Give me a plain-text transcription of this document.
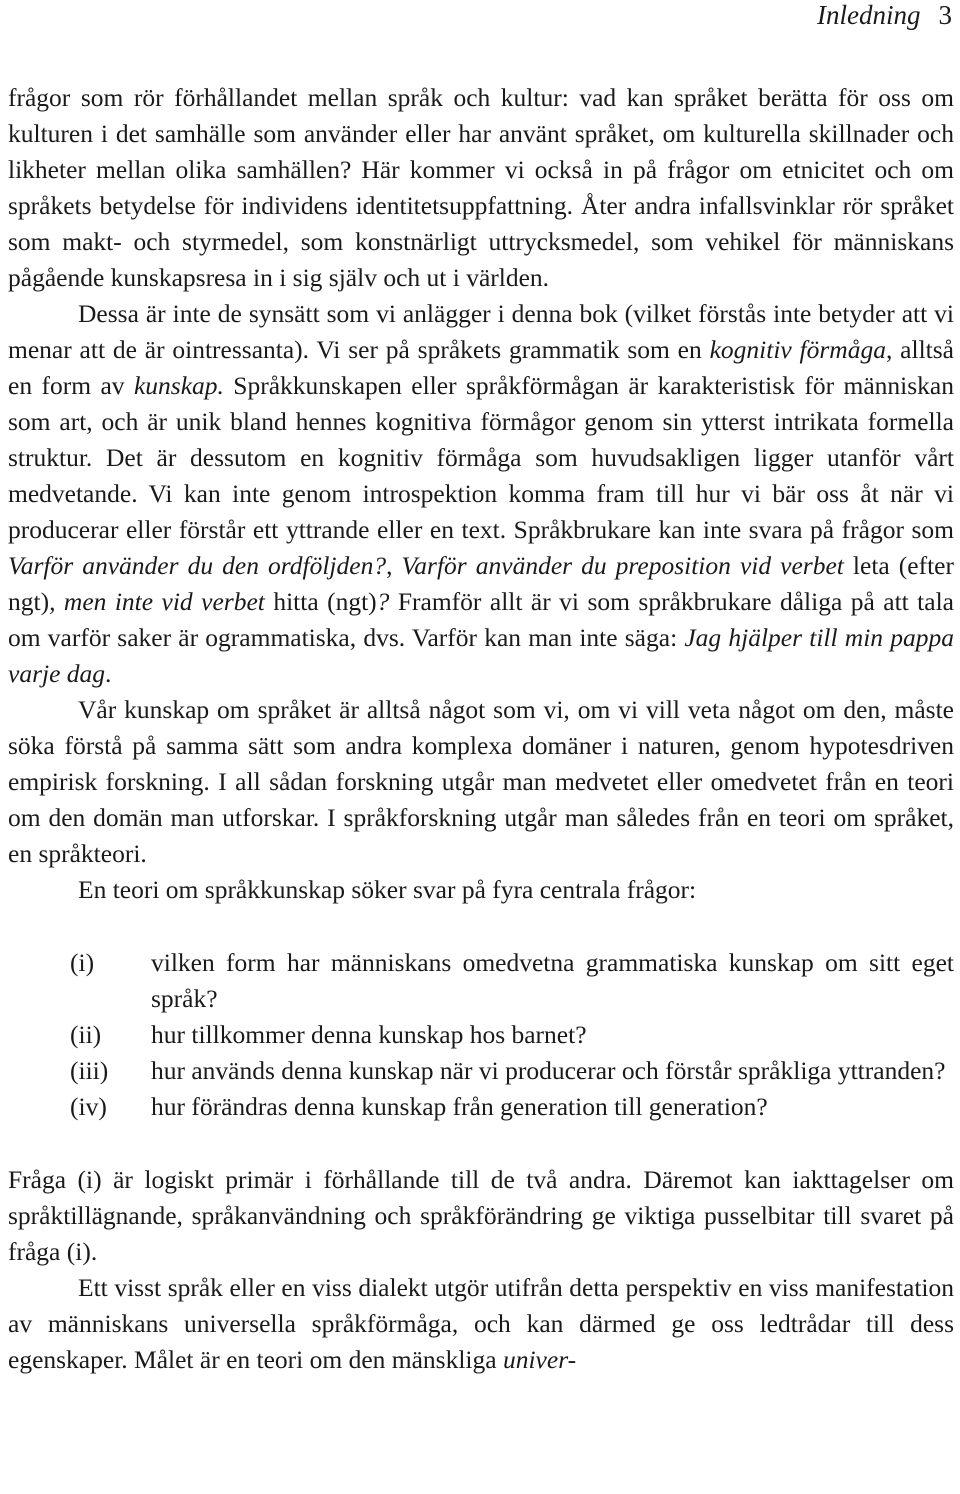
Inledning 3

frågor som rör förhållandet mellan språk och kultur: vad kan språket berätta för oss om kulturen i det samhälle som använder eller har använt språket, om kulturella skillnader och likheter mellan olika samhällen? Här kommer vi också in på frågor om etnicitet och om språkets betydelse för individens identitetsuppfattning. Åter andra infallsvinklar rör språket som makt- och styrmedel, som konstnärligt uttrycksmedel, som vehikel för människans pågående kunskapsresa in i sig själv och ut i världen.

Dessa är inte de synsätt som vi anlägger i denna bok (vilket förstås inte betyder att vi menar att de är ointressanta). Vi ser på språkets grammatik som en kognitiv förmåga, alltså en form av kunskap. Språkkunskapen eller språkförmågan är karakteristisk för människan som art, och är unik bland hennes kognitiva förmågor genom sin ytterst intrikata formella struktur. Det är dessutom en kognitiv förmåga som huvudsakligen ligger utanför vårt medvetande. Vi kan inte genom introspektion komma fram till hur vi bär oss åt när vi producerar eller förstår ett yttrande eller en text. Språkbrukare kan inte svara på frågor som Varför använder du den ordföljden?, Varför använder du preposition vid verbet leta (efter ngt), men inte vid verbet hitta (ngt)? Framför allt är vi som språkbrukare dåliga på att tala om varför saker är ogrammatiska, dvs. Varför kan man inte säga: Jag hjälper till min pappa varje dag.

Vår kunskap om språket är alltså något som vi, om vi vill veta något om den, måste söka förstå på samma sätt som andra komplexa domäner i naturen, genom hypotesdriven empirisk forskning. I all sådan forskning utgår man medvetet eller omedvetet från en teori om den domän man utforskar. I språkforskning utgår man således från en teori om språket, en språkteori.

En teori om språkkunskap söker svar på fyra centrala frågor:

(i)	vilken form har människans omedvetna grammatiska kunskap om sitt eget språk?
(ii)	hur tillkommer denna kunskap hos barnet?
(iii)	hur används denna kunskap när vi producerar och förstår språkliga yttranden?
(iv)	hur förändras denna kunskap från generation till generation?

Fråga (i) är logiskt primär i förhållande till de två andra. Däremot kan iakttagelser om språktillägnande, språkanvändning och språkförändring ge viktiga pusselbitar till svaret på fråga (i).

Ett visst språk eller en viss dialekt utgör utifrån detta perspektiv en viss manifestation av människans universella språkförmåga, och kan därmed ge oss ledtrådar till dess egenskaper. Målet är en teori om den mänskliga univer-
